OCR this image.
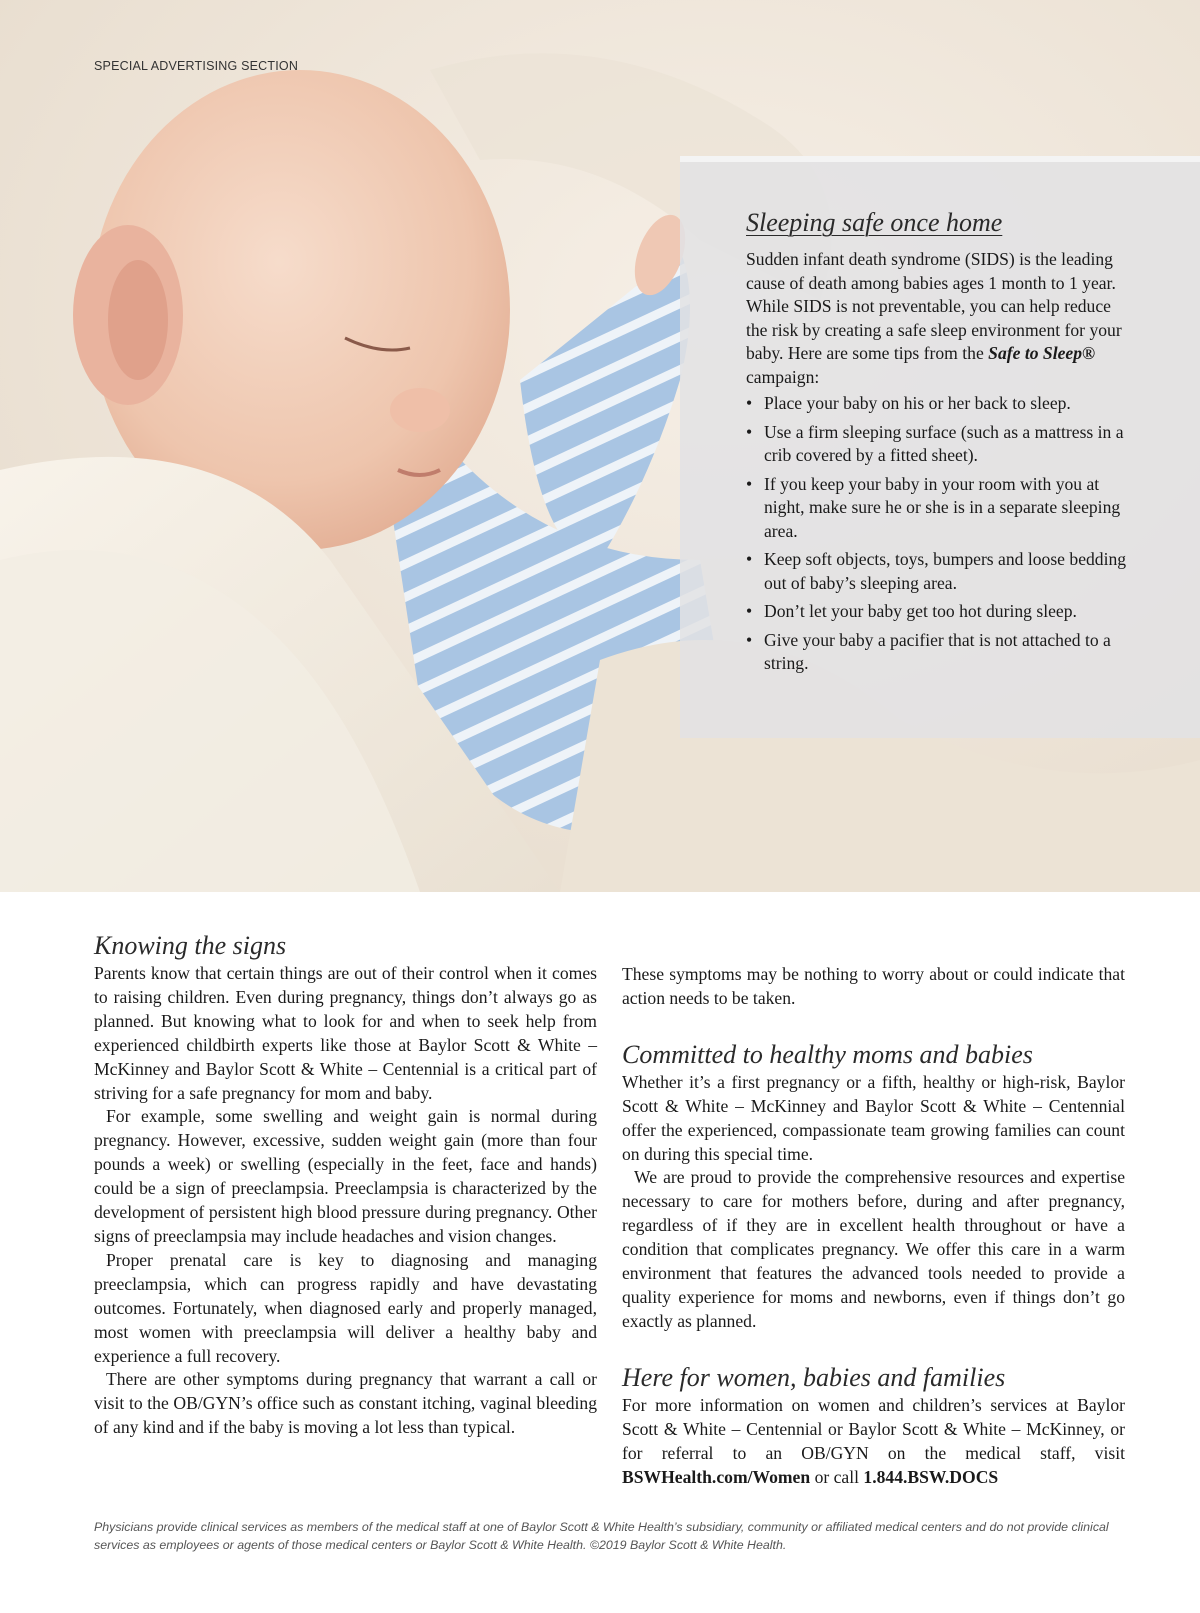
SPECIAL ADVERTISING SECTION
Sleeping safe once home

Sudden infant death syndrome (SIDS) is the leading cause of death among babies ages 1 month to 1 year. While SIDS is not preventable, you can help reduce the risk by creating a safe sleep environment for your baby. Here are some tips from the Safe to Sleep® campaign:

• Place your baby on his or her back to sleep.
• Use a firm sleeping surface (such as a mattress in a crib covered by a fitted sheet).
• If you keep your baby in your room with you at night, make sure he or she is in a separate sleeping area.
• Keep soft objects, toys, bumpers and loose bedding out of baby’s sleeping area.
• Don’t let your baby get too hot during sleep.
• Give your baby a pacifier that is not attached to a string.
Knowing the signs

Parents know that certain things are out of their control when it comes to raising children. Even during pregnancy, things don’t always go as planned. But knowing what to look for and when to seek help from experienced childbirth experts like those at Baylor Scott & White – McKinney and Baylor Scott & White – Centennial is a critical part of striving for a safe pregnancy for mom and baby.

For example, some swelling and weight gain is normal during pregnancy. However, excessive, sudden weight gain (more than four pounds a week) or swelling (especially in the feet, face and hands) could be a sign of preeclampsia. Preeclampsia is characterized by the development of persistent high blood pressure during pregnancy. Other signs of preeclampsia may include headaches and vision changes.

Proper prenatal care is key to diagnosing and managing preeclampsia, which can progress rapidly and have devastating outcomes. Fortunately, when diagnosed early and properly managed, most women with preeclampsia will deliver a healthy baby and experience a full recovery.

There are other symptoms during pregnancy that warrant a call or visit to the OB/GYN’s office such as constant itching, vaginal bleeding of any kind and if the baby is moving a lot less than typical.

These symptoms may be nothing to worry about or could indicate that action needs to be taken.

Committed to healthy moms and babies

Whether it’s a first pregnancy or a fifth, healthy or high-risk, Baylor Scott & White – McKinney and Baylor Scott & White – Centennial offer the experienced, compassionate team growing families can count on during this special time.

We are proud to provide the comprehensive resources and expertise necessary to care for mothers before, during and after pregnancy, regardless of if they are in excellent health throughout or have a condition that complicates pregnancy. We offer this care in a warm environment that features the advanced tools needed to provide a quality experience for moms and newborns, even if things don’t go exactly as planned.

Here for women, babies and families

For more information on women and children’s services at Baylor Scott & White – Centennial or Baylor Scott & White – McKinney, or for referral to an OB/GYN on the medical staff, visit BSWHealth.com/Women or call 1.844.BSW.DOCS

Physicians provide clinical services as members of the medical staff at one of Baylor Scott & White Health’s subsidiary, community or affiliated medical centers and do not provide clinical services as employees or agents of those medical centers or Baylor Scott & White Health. ©2019 Baylor Scott & White Health.
